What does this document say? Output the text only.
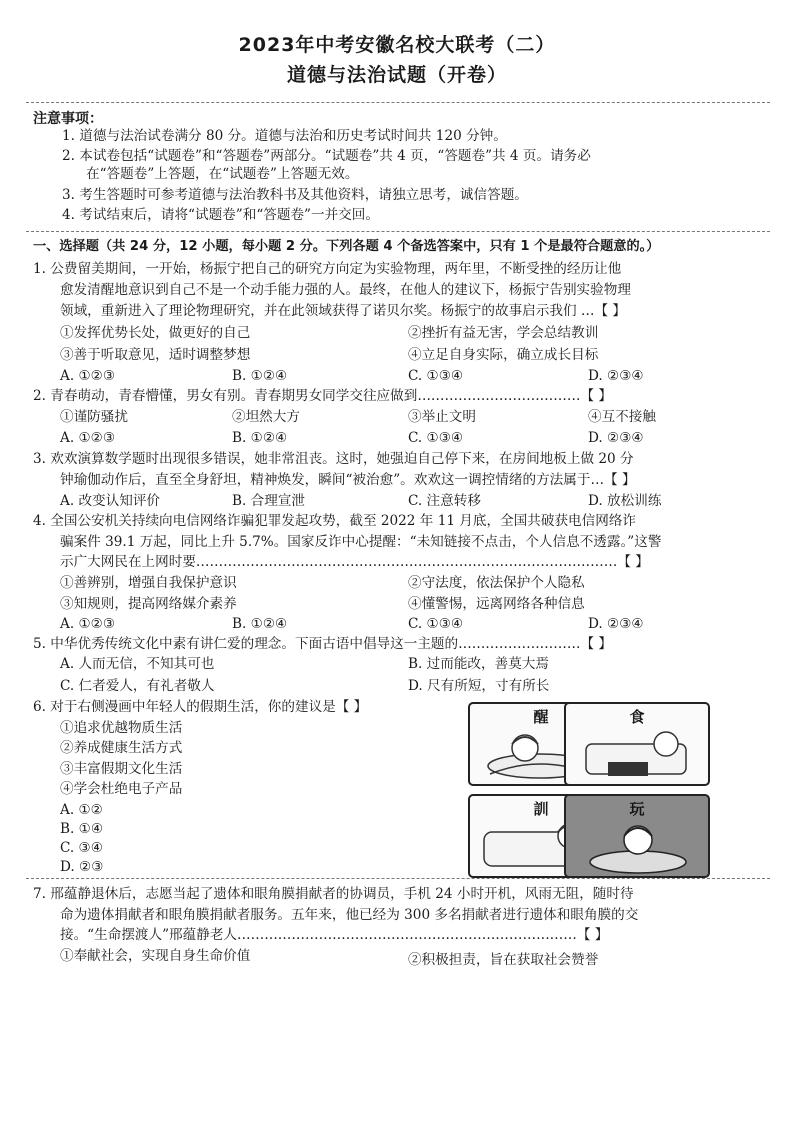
2023年中考安徽名校大联考（二）
道德与法治试题（开卷）
注意事项：
1. 道德与法治试卷满分 80 分。道德与法治和历史考试时间共 120 分钟。
2. 本试卷包括“试题卷”和“答题卷”两部分。“试题卷”共 4 页，“答题卷”共 4 页。请务必
在“答题卷”上答题，在“试题卷”上答题无效。
3. 考生答题时可参考道德与法治教科书及其他资料，请独立思考，诚信答题。
4. 考试结束后，请将“试题卷”和“答题卷”一并交回。
一、选择题（共 24 分，12 小题，每小题 2 分。下列各题 4 个备选答案中，只有 1 个是最符合题意的。）
1. 公费留美期间，一开始，杨振宁把自己的研究方向定为实验物理，两年里，不断受挫的经历让他
愈发清醒地意识到自己不是一个动手能力强的人。最终，在他人的建议下，杨振宁告别实验物理
领域，重新进入了理论物理研究，并在此领域获得了诺贝尔奖。杨振宁的故事启示我们 …【 】
①发挥优势长处，做更好的自己	②挫折有益无害，学会总结教训
③善于听取意见，适时调整梦想	④立足自身实际，确立成长目标
A. ①②③	B. ①②④	C. ①③④	D. ②③④
2. 青春萌动，青春懵懂，男女有别。青春期男女同学交往应做到………………………………【 】
①谨防骚扰	②坦然大方	③举止文明	④互不接触
A. ①②③	B. ①②④	C. ①③④	D. ②③④
3. 欢欢演算数学题时出现很多错误，她非常沮丧。这时，她强迫自己停下来，在房间地板上做 20 分
钟瑜伽动作后，直至全身舒坦，精神焕发，瞬间“被治愈”。欢欢这一调控情绪的方法属于…【 】
A. 改变认知评价	B. 合理宣泄	C. 注意转移	D. 放松训练
4. 全国公安机关持续向电信网络诈骗犯罪发起攻势，截至 2022 年 11 月底，全国共破获电信网络诈
骗案件 39.1 万起，同比上升 5.7%。国家反诈中心提醒：“未知链接不点击，个人信息不透露。”这警
示广大网民在上网时要…………………………………………………………………………………【 】
①善辨别，增强自我保护意识	②守法度，依法保护个人隐私
③知规则，提高网络媒介素养	④懂警惕，远离网络各种信息
A. ①②③	B. ①②④	C. ①③④	D. ②③④
5. 中华优秀传统文化中素有讲仁爱的理念。下面古语中倡导这一主题的………………………【 】
A. 人而无信，不知其可也	B. 过而能改，善莫大焉
C. 仁者爱人，有礼者敬人	D. 尺有所短，寸有所长
6. 对于右侧漫画中年轻人的假期生活，你的建议是【 】
①追求优越物质生活
②养成健康生活方式
③丰富假期文化生活
④学会杜绝电子产品
A. ①②
B. ①④
C. ③④
D. ②③
醒
訓
食
玩
7. 邢蕴静退休后，志愿当起了遗体和眼角膜捐献者的协调员，手机 24 小时开机，风雨无阻，随时待
命为遗体捐献者和眼角膜捐献者服务。五年来，他已经为 300 多名捐献者进行遗体和眼角膜的交
接。“生命摆渡人”邢蕴静老人…………………………………………………………………【 】
①奉献社会，实现自身生命价值	②积极担责，旨在获取社会赞誉
